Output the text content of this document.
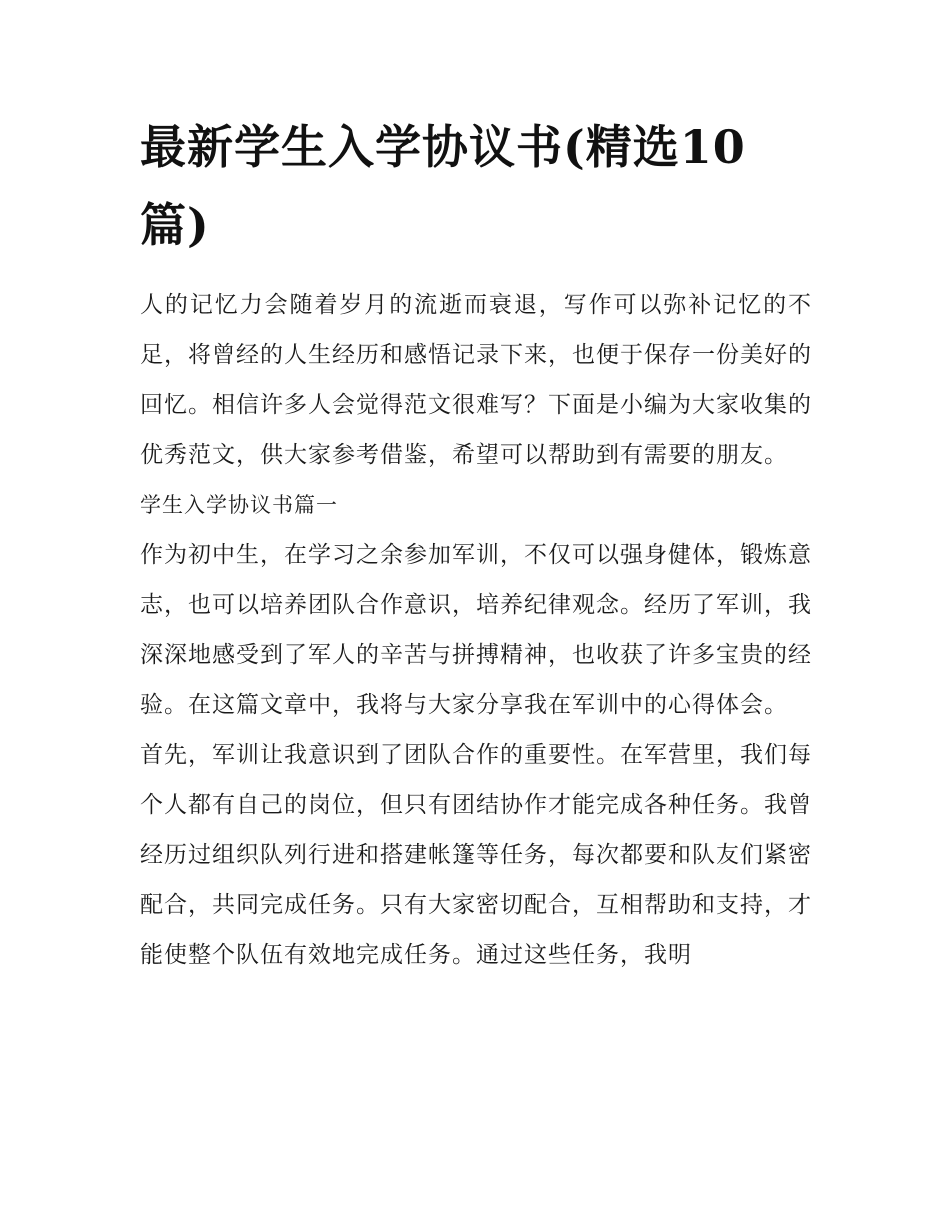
最新学生入学协议书(精选10篇)

人的记忆力会随着岁月的流逝而衰退，写作可以弥补记忆的不足，将曾经的人生经历和感悟记录下来，也便于保存一份美好的回忆。相信许多人会觉得范文很难写？下面是小编为大家收集的优秀范文，供大家参考借鉴，希望可以帮助到有需要的朋友。

学生入学协议书篇一

作为初中生，在学习之余参加军训，不仅可以强身健体，锻炼意志，也可以培养团队合作意识，培养纪律观念。经历了军训，我深深地感受到了军人的辛苦与拼搏精神，也收获了许多宝贵的经验。在这篇文章中，我将与大家分享我在军训中的心得体会。

首先，军训让我意识到了团队合作的重要性。在军营里，我们每个人都有自己的岗位，但只有团结协作才能完成各种任务。我曾经历过组织队列行进和搭建帐篷等任务，每次都要和队友们紧密配合，共同完成任务。只有大家密切配合，互相帮助和支持，才能使整个队伍有效地完成任务。通过这些任务，我明
